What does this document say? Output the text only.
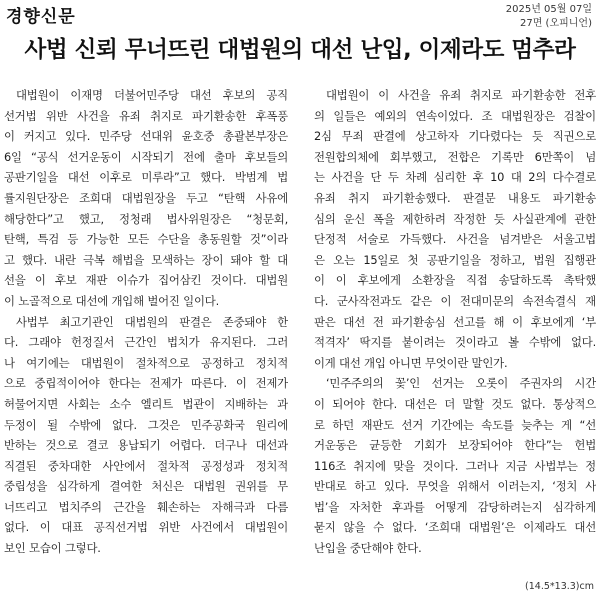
경향신문	2025년 05월 07일
27면 (오피니언)
사법 신뢰 무너뜨린 대법원의 대선 난입, 이제라도 멈추라
대법원이 이재명 더불어민주당 대선 후보의 공직
선거법 위반 사건을 유죄 취지로 파기환송한 후폭풍
이 커지고 있다. 민주당 선대위 윤호중 총괄본부장은
6일 “공식 선거운동이 시작되기 전에 출마 후보들의
공판기일을 대선 이후로 미루라”고 했다. 박범계 법
률지원단장은 조희대 대법원장을 두고 “탄핵 사유에
해당한다”고 했고, 정청래 법사위원장은 “청문회,
탄핵, 특검 등 가능한 모든 수단을 총동원할 것”이라
고 했다. 내란 극복 해법을 모색하는 장이 돼야 할 대
선을 이 후보 재판 이슈가 집어삼킨 것이다. 대법원
이 노골적으로 대선에 개입해 벌어진 일이다.
사법부 최고기관인 대법원의 판결은 존중돼야 한
다. 그래야 헌정질서 근간인 법치가 유지된다. 그러
나 여기에는 대법원이 절차적으로 공정하고 정치적
으로 중립적이어야 한다는 전제가 따른다. 이 전제가
허물어지면 사회는 소수 엘리트 법관이 지배하는 과
두정이 될 수밖에 없다. 그것은 민주공화국 원리에
반하는 것으로 결코 용납되기 어렵다. 더구나 대선과
직결된 중차대한 사안에서 절차적 공정성과 정치적
중립성을 심각하게 결여한 처신은 대법원 권위를 무
너뜨리고 법치주의 근간을 훼손하는 자해극과 다름
없다. 이 대표 공직선거법 위반 사건에서 대법원이
보인 모습이 그렇다.
대법원이 이 사건을 유죄 취지로 파기환송한 전후
의 일들은 예외의 연속이었다. 조 대법원장은 검찰이
2심 무죄 판결에 상고하자 기다렸다는 듯 직권으로
전원합의체에 회부했고, 전합은 기록만 6만쪽이 넘
는 사건을 단 두 차례 심리한 후 10 대 2의 다수결로
유죄 취지 파기환송했다. 판결문 내용도 파기환송
심의 운신 폭을 제한하려 작정한 듯 사실관계에 관한
단정적 서술로 가득했다. 사건을 넘겨받은 서울고법
은 오는 15일로 첫 공판기일을 정하고, 법원 집행관
이 이 후보에게 소환장을 직접 송달하도록 촉탁했
다. 군사작전과도 같은 이 전대미문의 속전속결식 재
판은 대선 전 파기환송심 선고를 해 이 후보에게 ‘부
적격자’ 딱지를 붙이려는 것이라고 볼 수밖에 없다.
이게 대선 개입 아니면 무엇이란 말인가.
‘민주주의의 꽃’인 선거는 오롯이 주권자의 시간
이 되어야 한다. 대선은 더 말할 것도 없다. 통상적으
로 하던 재판도 선거 기간에는 속도를 늦추는 게 “선
거운동은 균등한 기회가 보장되어야 한다”는 헌법
116조 취지에 맞을 것이다. 그러나 지금 사법부는 정
반대로 하고 있다. 무엇을 위해서 이러는지, ‘정치 사
법’을 자처한 후과를 어떻게 감당하려는지 심각하게
묻지 않을 수 없다. ‘조희대 대법원’은 이제라도 대선
난입을 중단해야 한다.
(14.5*13.3)cm
